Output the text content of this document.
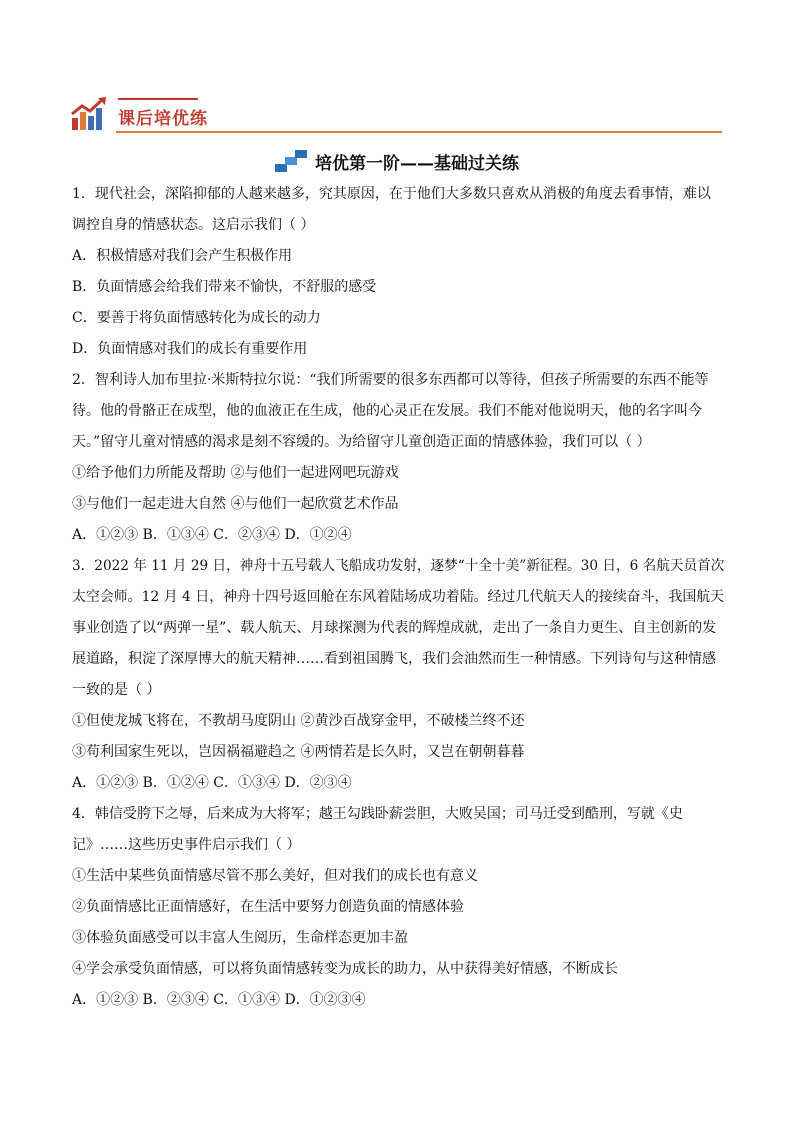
课后培优练
培优第一阶——基础过关练
1．现代社会，深陷抑郁的人越来越多，究其原因，在于他们大多数只喜欢从消极的角度去看事情，难以
调控自身的情感状态。这启示我们（ ）
A．积极情感对我们会产生积极作用
B．负面情感会给我们带来不愉快，不舒服的感受
C．要善于将负面情感转化为成长的动力
D．负面情感对我们的成长有重要作用
2．智利诗人加布里拉·米斯特拉尔说：“我们所需要的很多东西都可以等待，但孩子所需要的东西不能等
待。他的骨骼正在成型，他的血液正在生成，他的心灵正在发展。我们不能对他说明天，他的名字叫今
天。”留守儿童对情感的渴求是刻不容缓的。为给留守儿童创造正面的情感体验，我们可以（ ）
①给予他们力所能及帮助 ②与他们一起进网吧玩游戏
③与他们一起走进大自然 ④与他们一起欣赏艺术作品
A．①②③ B．①③④ C．②③④ D．①②④
3．2022 年 11 月 29 日，神舟十五号载人飞船成功发射，逐梦“十全十美”新征程。30 日，6 名航天员首次
太空会师。12 月 4 日，神舟十四号返回舱在东风着陆场成功着陆。经过几代航天人的接续奋斗，我国航天
事业创造了以“两弹一星”、载人航天、月球探测为代表的辉煌成就，走出了一条自力更生、自主创新的发
展道路，积淀了深厚博大的航天精神……看到祖国腾飞，我们会油然而生一种情感。下列诗句与这种情感
一致的是（ ）
①但使龙城飞将在，不教胡马度阴山 ②黄沙百战穿金甲，不破楼兰终不还
③苟利国家生死以，岂因祸福避趋之 ④两情若是长久时，又岂在朝朝暮暮
A．①②③ B．①②④ C．①③④ D．②③④
4．韩信受胯下之辱，后来成为大将军；越王勾践卧薪尝胆，大败吴国；司马迁受到酷刑，写就《史
记》……这些历史事件启示我们（ ）
①生活中某些负面情感尽管不那么美好，但对我们的成长也有意义
②负面情感比正面情感好，在生活中要努力创造负面的情感体验
③体验负面感受可以丰富人生阅历，生命样态更加丰盈
④学会承受负面情感，可以将负面情感转变为成长的助力，从中获得美好情感，不断成长
A．①②③ B．②③④ C．①③④ D．①②③④
